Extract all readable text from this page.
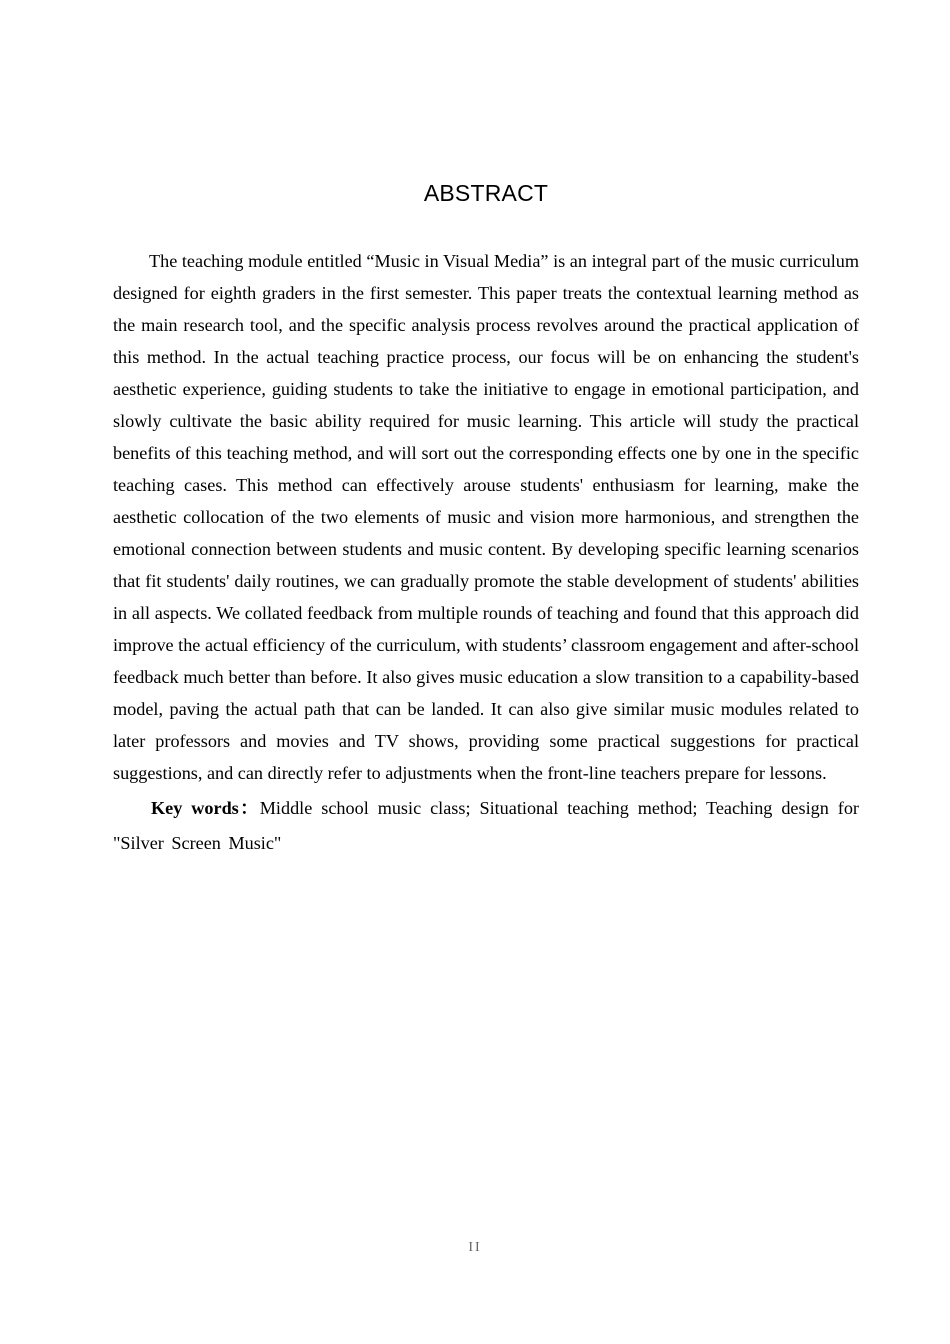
ABSTRACT

The teaching module entitled “Music in Visual Media” is an integral part of the music curriculum designed for eighth graders in the first semester. This paper treats the contextual learning method as the main research tool, and the specific analysis process revolves around the practical application of this method. In the actual teaching practice process, our focus will be on enhancing the student's aesthetic experience, guiding students to take the initiative to engage in emotional participation, and slowly cultivate the basic ability required for music learning. This article will study the practical benefits of this teaching method, and will sort out the corresponding effects one by one in the specific teaching cases. This method can effectively arouse students' enthusiasm for learning, make the aesthetic collocation of the two elements of music and vision more harmonious, and strengthen the emotional connection between students and music content. By developing specific learning scenarios that fit students' daily routines, we can gradually promote the stable development of students' abilities in all aspects. We collated feedback from multiple rounds of teaching and found that this approach did improve the actual efficiency of the curriculum, with students’ classroom engagement and after-school feedback much better than before. It also gives music education a slow transition to a capability-based model, paving the actual path that can be landed. It can also give similar music modules related to later professors and movies and TV shows, providing some practical suggestions for practical suggestions, and can directly refer to adjustments when the front-line teachers prepare for lessons.

Key words：Middle school music class; Situational teaching method; Teaching design for "Silver Screen Music"

II
